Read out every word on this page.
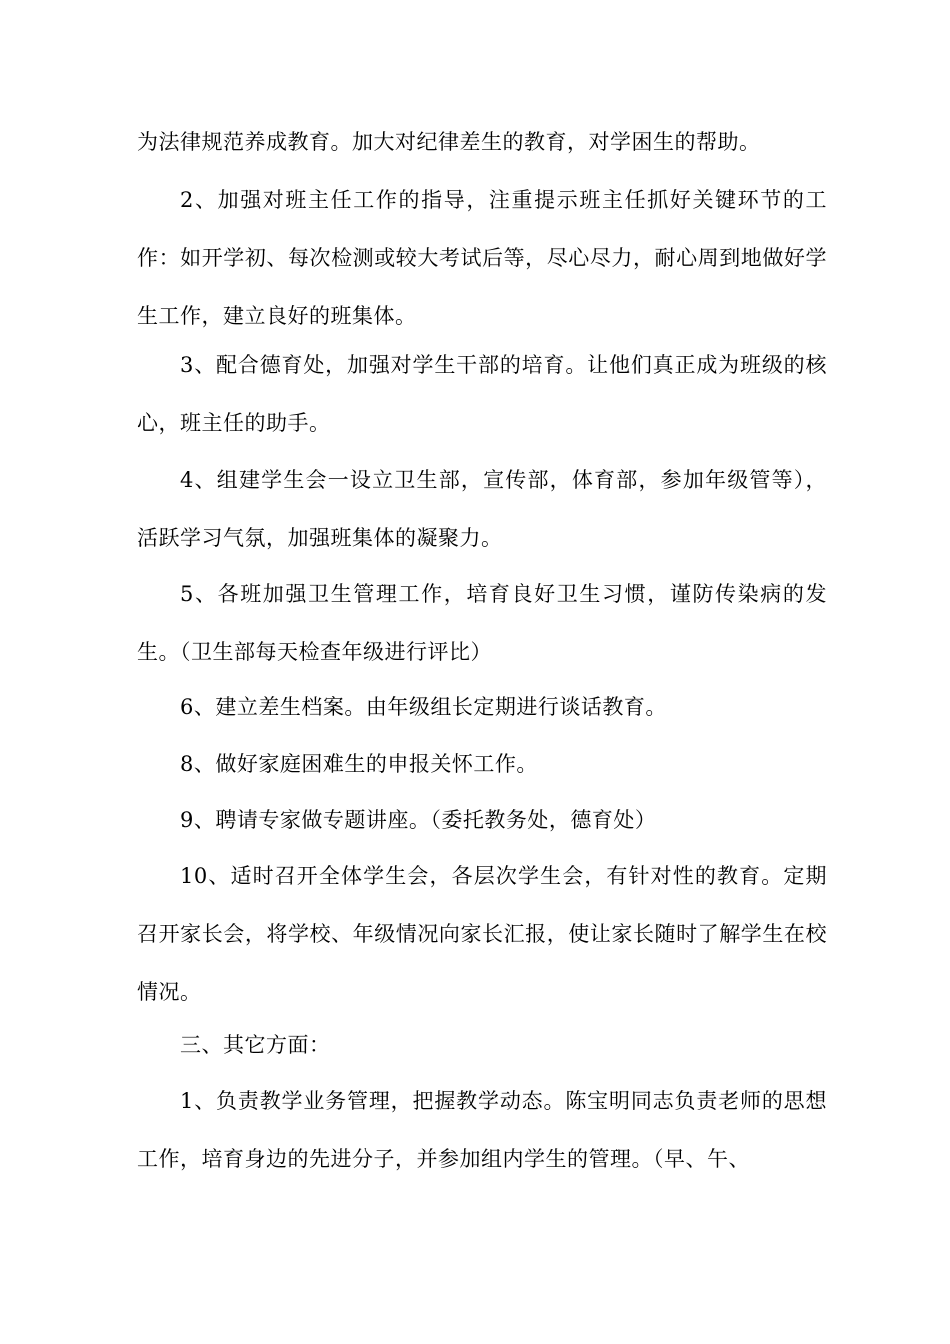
为法律规范养成教育。加大对纪律差生的教育，对学困生的帮助。

2、加强对班主任工作的指导，注重提示班主任抓好关键环节的工作：如开学初、每次检测或较大考试后等，尽心尽力，耐心周到地做好学生工作，建立良好的班集体。

3、配合德育处，加强对学生干部的培育。让他们真正成为班级的核心，班主任的助手。

4、组建学生会一设立卫生部，宣传部，体育部，参加年级管等），活跃学习气氛，加强班集体的凝聚力。

5、各班加强卫生管理工作，培育良好卫生习惯，谨防传染病的发生。（卫生部每天检查年级进行评比）

6、建立差生档案。由年级组长定期进行谈话教育。

8、做好家庭困难生的申报关怀工作。

9、聘请专家做专题讲座。（委托教务处，德育处）

10、适时召开全体学生会，各层次学生会，有针对性的教育。定期召开家长会，将学校、年级情况向家长汇报，使让家长随时了解学生在校情况。

三、其它方面：

1、负责教学业务管理，把握教学动态。陈宝明同志负责老师的思想工作，培育身边的先进分子，并参加组内学生的管理。（早、午、
